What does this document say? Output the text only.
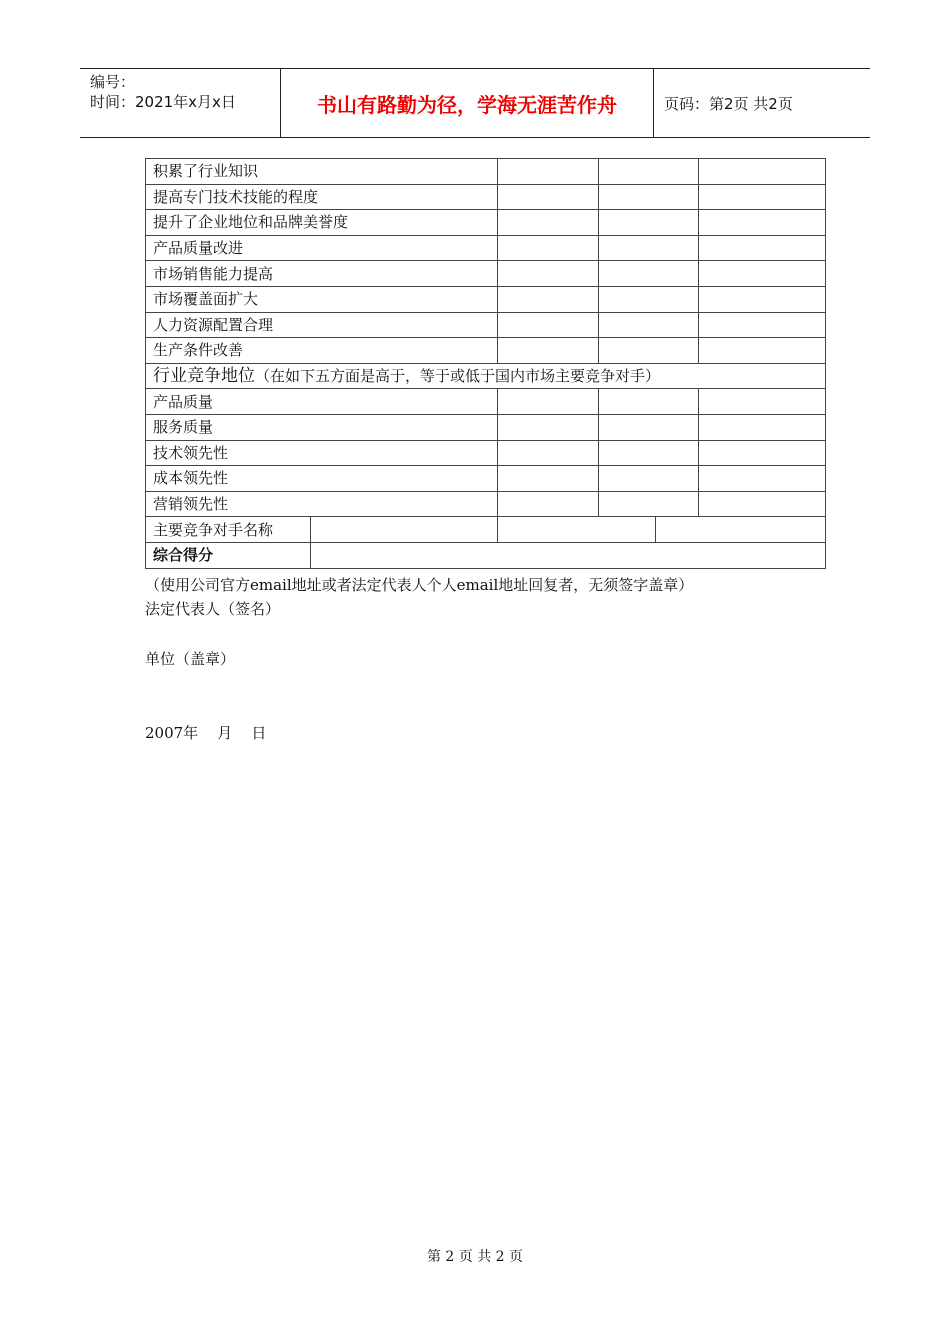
编号：
时间：2021年x月x日	书山有路勤为径，学海无涯苦作舟	页码：第2页 共2页
积累了行业知识					
提高专门技术技能的程度					
提升了企业地位和品牌美誉度					
产品质量改进					
市场销售能力提高					
市场覆盖面扩大					
人力资源配置合理					
生产条件改善					
行业竞争地位（在如下五方面是高于，等于或低于国内市场主要竞争对手）					
产品质量					
服务质量					
技术领先性					
成本领先性					
营销领先性					
主要竞争对手名称					
综合得分					
（使用公司官方email地址或者法定代表人个人email地址回复者，无须签字盖章）
法定代表人（签名）
单位（盖章）
2007年    月    日
第 2 页 共 2 页
